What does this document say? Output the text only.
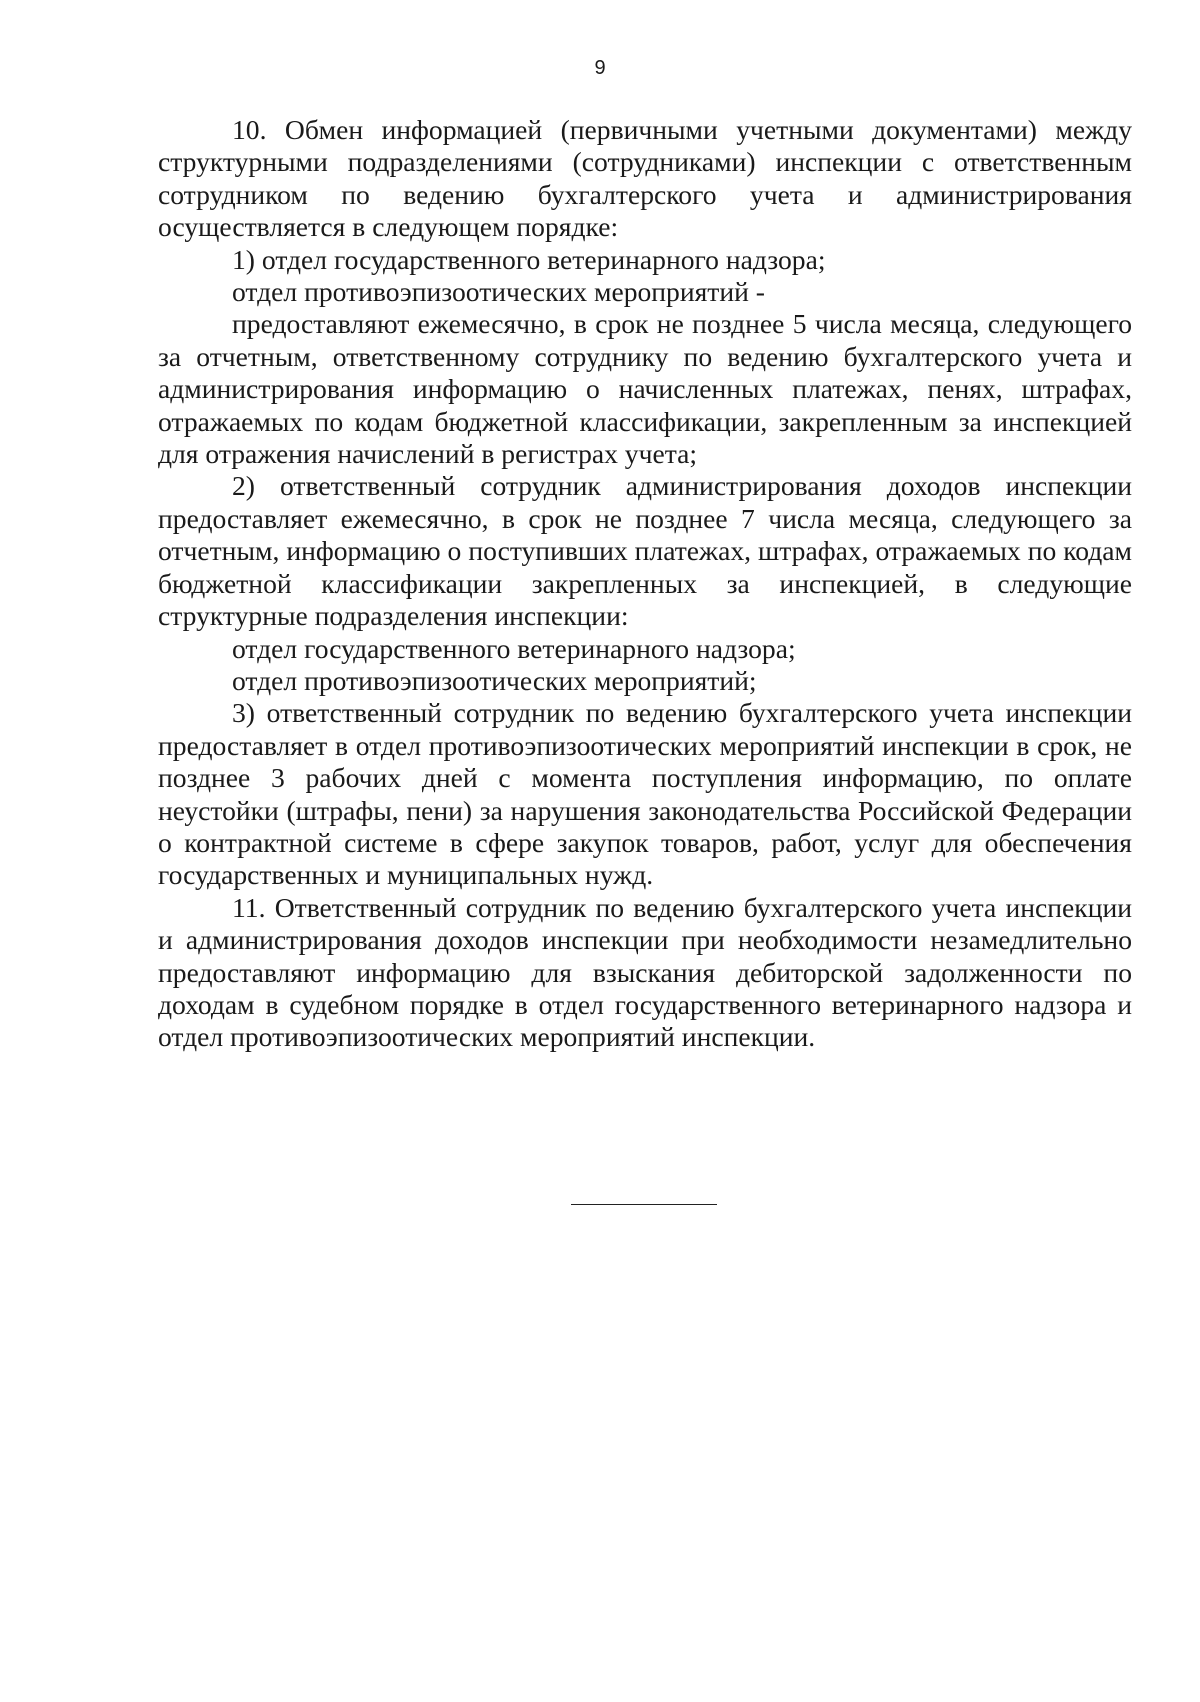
9

10. Обмен информацией (первичными учетными документами) между структурными подразделениями (сотрудниками) инспекции с ответственным сотрудником по ведению бухгалтерского учета и администрирования осуществляется в следующем порядке:

1) отдел государственного ветеринарного надзора;

отдел противоэпизоотических мероприятий -

предоставляют ежемесячно, в срок не позднее 5 числа месяца, следующего за отчетным, ответственному сотруднику по ведению бухгалтерского учета и администрирования информацию о начисленных платежах, пенях, штрафах, отражаемых по кодам бюджетной классификации, закрепленным за инспекцией для отражения начислений в регистрах учета;

2) ответственный сотрудник администрирования доходов инспекции предоставляет ежемесячно, в срок не позднее 7 числа месяца, следующего за отчетным, информацию о поступивших платежах, штрафах, отражаемых по кодам бюджетной классификации закрепленных за инспекцией, в следующие структурные подразделения инспекции:

отдел государственного ветеринарного надзора;

отдел противоэпизоотических мероприятий;

3) ответственный сотрудник по ведению бухгалтерского учета инспекции предоставляет в отдел противоэпизоотических мероприятий инспекции в срок, не позднее 3 рабочих дней с момента поступления информацию, по оплате неустойки (штрафы, пени) за нарушения законодательства Российской Федерации о контрактной системе в сфере закупок товаров, работ, услуг для обеспечения государственных и муниципальных нужд.

11. Ответственный сотрудник по ведению бухгалтерского учета инспекции и администрирования доходов инспекции при необходимости незамедлительно предоставляют информацию для взыскания дебиторской задолженности по доходам в судебном порядке в отдел государственного ветеринарного надзора и отдел противоэпизоотических мероприятий инспекции.
